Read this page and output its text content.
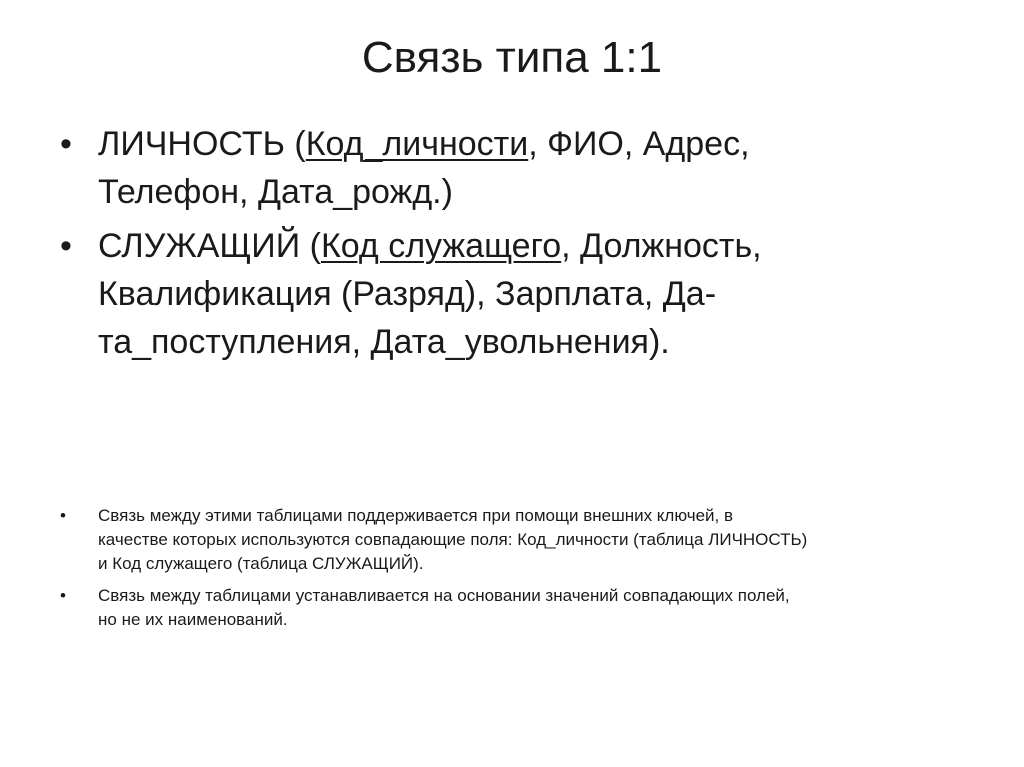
Связь типа 1:1
• ЛИЧНОСТЬ (Код_личности, ФИО, Адрес,
Телефон, Дата_рожд.)
• СЛУЖАЩИЙ (Код служащего, Должность,
Квалификация (Разряд), Зарплата, Да-
та_поступления, Дата_увольнения).
• Связь между этими таблицами поддерживается при помощи внешних ключей, в
качестве которых используются совпадающие поля: Код_личности (таблица ЛИЧНОСТЬ)
и Код служащего (таблица СЛУЖАЩИЙ).
• Связь между таблицами устанавливается на основании значений совпадающих полей,
но не их наименований.
